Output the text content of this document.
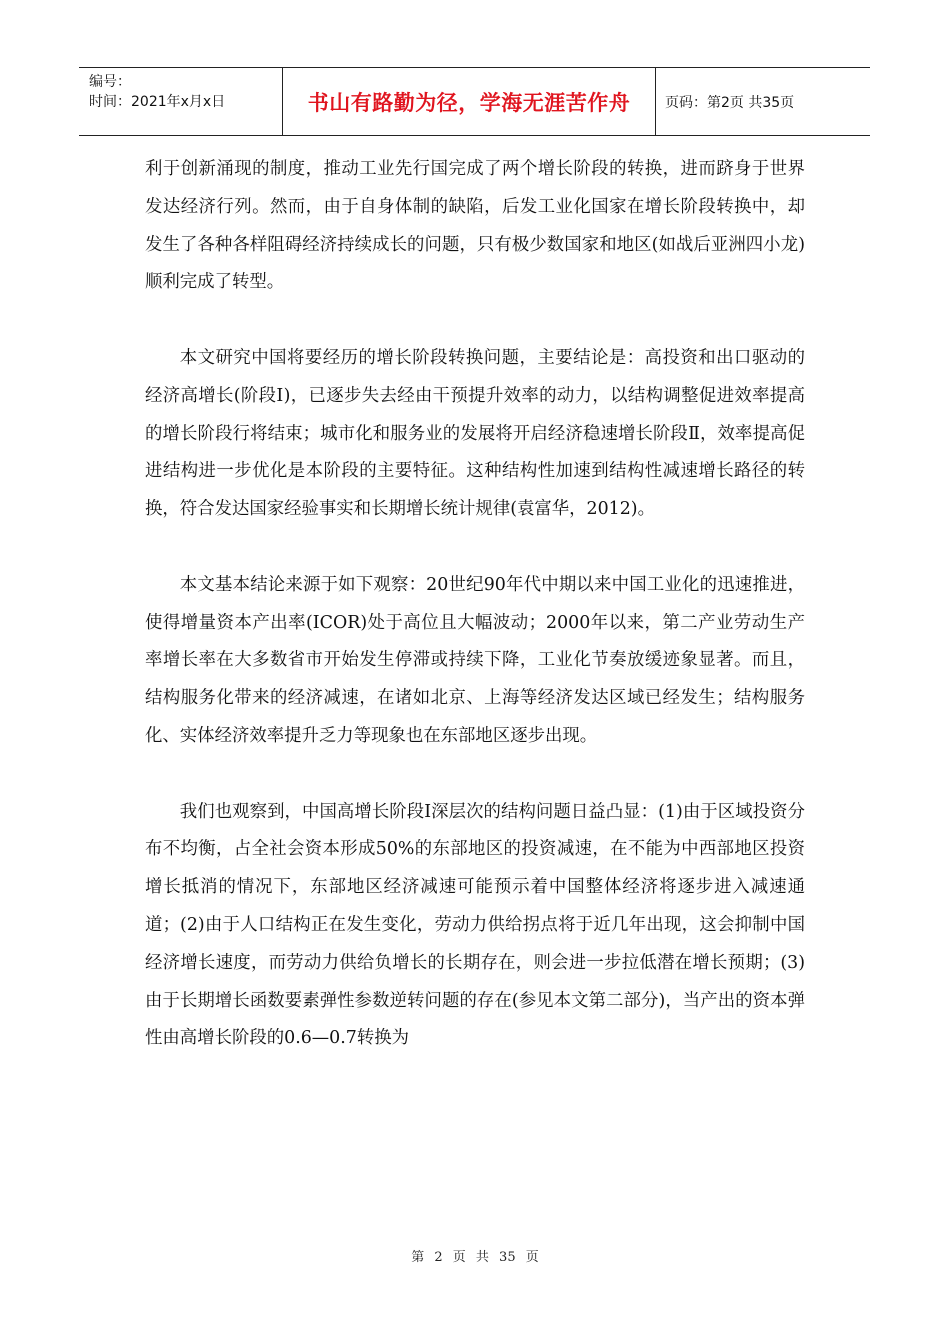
编号：
时间：2021年x月x日	书山有路勤为径，学海无涯苦作舟	页码：第2页 共35页

利于创新涌现的制度，推动工业先行国完成了两个增长阶段的转换，进而跻身于世界发达经济行列。然而，由于自身体制的缺陷，后发工业化国家在增长阶段转换中，却发生了各种各样阻碍经济持续成长的问题，只有极少数国家和地区(如战后亚洲四小龙)顺利完成了转型。

本文研究中国将要经历的增长阶段转换问题，主要结论是：高投资和出口驱动的经济高增长(阶段Ⅰ)，已逐步失去经由干预提升效率的动力，以结构调整促进效率提高的增长阶段行将结束；城市化和服务业的发展将开启经济稳速增长阶段Ⅱ，效率提高促进结构进一步优化是本阶段的主要特征。这种结构性加速到结构性减速增长路径的转换，符合发达国家经验事实和长期增长统计规律(袁富华，2012)。

本文基本结论来源于如下观察：20世纪90年代中期以来中国工业化的迅速推进，使得增量资本产出率(ICOR)处于高位且大幅波动；2000年以来，第二产业劳动生产率增长率在大多数省市开始发生停滞或持续下降，工业化节奏放缓迹象显著。而且，结构服务化带来的经济减速，在诸如北京、上海等经济发达区域已经发生；结构服务化、实体经济效率提升乏力等现象也在东部地区逐步出现。

我们也观察到，中国高增长阶段Ⅰ深层次的结构问题日益凸显：(1)由于区域投资分布不均衡，占全社会资本形成50%的东部地区的投资减速，在不能为中西部地区投资增长抵消的情况下，东部地区经济减速可能预示着中国整体经济将逐步进入减速通道；(2)由于人口结构正在发生变化，劳动力供给拐点将于近几年出现，这会抑制中国经济增长速度，而劳动力供给负增长的长期存在，则会进一步拉低潜在增长预期；(3)由于长期增长函数要素弹性参数逆转问题的存在(参见本文第二部分)，当产出的资本弹性由高增长阶段的0.6—0.7转换为

第 2 页 共 35 页
